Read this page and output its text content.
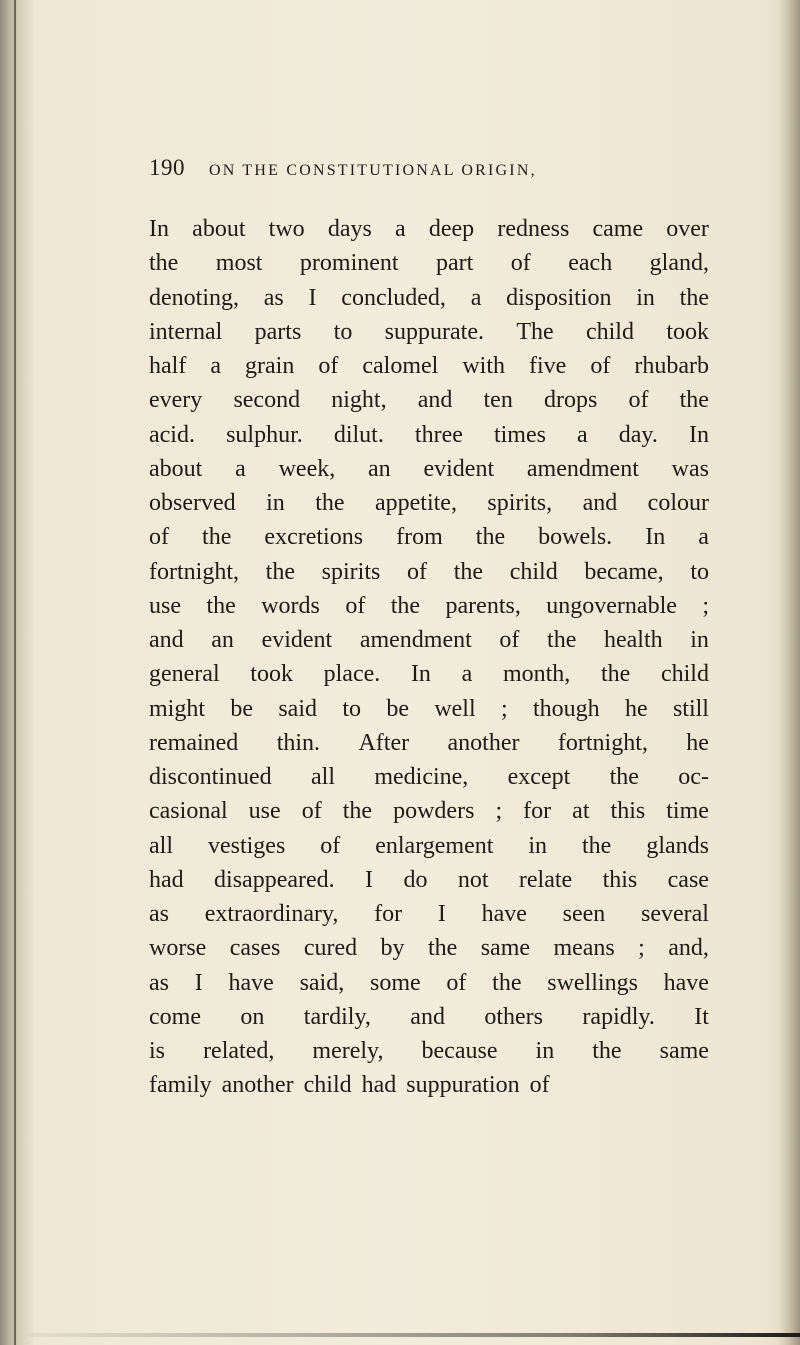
190 ON THE CONSTITUTIONAL ORIGIN,
In about two days a deep redness came over
the most prominent part of each gland,
denoting, as I concluded, a disposition in the
internal parts to suppurate. The child took
half a grain of calomel with five of rhubarb
every second night, and ten drops of the
acid. sulphur. dilut. three times a day. In
about a week, an evident amendment was
observed in the appetite, spirits, and colour
of the excretions from the bowels. In a
fortnight, the spirits of the child became, to
use the words of the parents, ungovernable ;
and an evident amendment of the health in
general took place. In a month, the child
might be said to be well ; though he still
remained thin. After another fortnight, he
discontinued all medicine, except the oc-
casional use of the powders ; for at this time
all vestiges of enlargement in the glands
had disappeared. I do not relate this case
as extraordinary, for I have seen several
worse cases cured by the same means ; and,
as I have said, some of the swellings have
come on tardily, and others rapidly. It
is related, merely, because in the same
family another child had suppuration of
